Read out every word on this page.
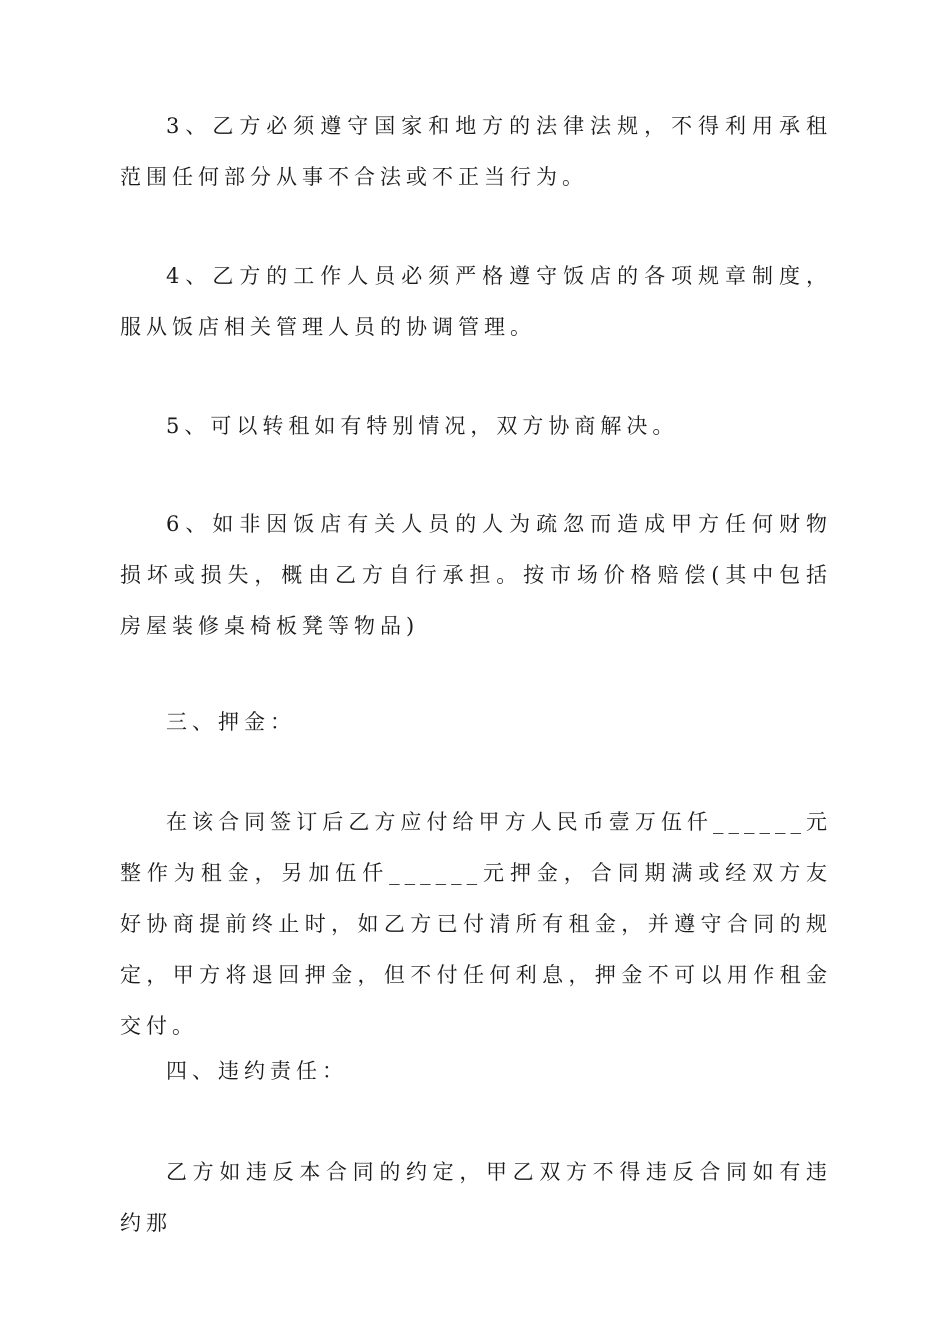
3、乙方必须遵守国家和地方的法律法规，不得利用承租范围任何部分从事不合法或不正当行为。

4、乙方的工作人员必须严格遵守饭店的各项规章制度，服从饭店相关管理人员的协调管理。

5、可以转租如有特别情况，双方协商解决。

6、如非因饭店有关人员的人为疏忽而造成甲方任何财物损坏或损失，概由乙方自行承担。按市场价格赔偿(其中包括房屋装修桌椅板凳等物品)

三、押金：

在该合同签订后乙方应付给甲方人民币壹万伍仟______元整作为租金，另加伍仟______元押金，合同期满或经双方友好协商提前终止时，如乙方已付清所有租金，并遵守合同的规定，甲方将退回押金，但不付任何利息，押金不可以用作租金交付。

四、违约责任：

乙方如违反本合同的约定，甲乙双方不得违反合同如有违约那
